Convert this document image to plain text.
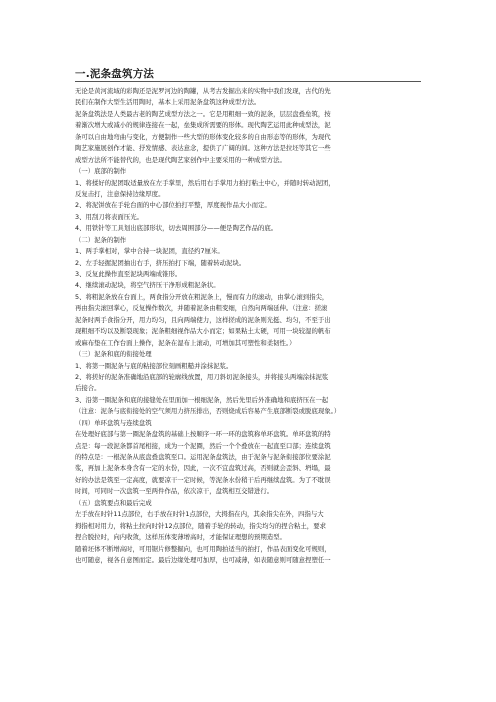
一.泥条盘筑方法
无论是黄河流域的彩陶还是泥罗河边的陶罐，从考古发掘出来的实物中我们发现，古代的先
民们在制作大型生活用陶时，基本上采用泥条盘筑这种成型方法。
泥条盘筑法是人类最古老的陶艺成型方法之一。它是用粗细一致的泥条，层层盘叠垒筑，按
着渐次增大或减小的规律连接在一起，垒集成所需要的形体。现代陶艺运用此种成型法，泥
条可以自由地弯曲与变化，方便制作一些大型的形体变化较多的自由形态等的形体，为现代
陶艺家施展创作才能、抒发情感、表达意念，提供了广阔的间。这种方法是拉坯等其它一些
成型方法所不能替代的，也是现代陶艺家创作中主要采用的一种成型方法。
（一）底部的制作
1、将揉好的泥团取适量放在左手掌里，然后用右手掌用力拍打粘土中心，并随时转动泥团，
反复击打，注意保持边缘厚度。
2、将泥饼放在手轮台面的中心部位拍打平整，厚度视作品大小而定。
3、用刮刀将表面压光。
4、用铁针等工具划出底部形状，切去周围部分——便是陶艺作品的底。
（二）泥条的制作
1、两手掌相对，掌中合持一块泥团，直径约7厘米。
2、左手轻握泥团抽出右手，挤压拍打下端，随着转动泥块。
3、反复此操作直至泥块两端成锥形。
4、继续滚动泥块，将空气挤压干净形成粗泥条状。
5、将粗泥条放在台面上，两食指分开放在粗泥条上，慢而有力的滚动，由掌心滚到指尖，
再由指尖滚回掌心，反复操作数次，并随着泥条由粗变细，自然向两端延伸。（注意：搓滚
泥条时两手食指分开，用力均匀，且向两端使力，这样搓成的泥条则光挺、均匀，不至于出
现粗细不均以及断裂现象；泥条粗细视作品大小而定；如果粘土太硬，可用一块较湿的帆布
或麻布垫在工作台面上操作，泥条在湿布上滚动，可增加其可塑性和柔韧性。）
（三）泥条和底的衔接处理
1、将第一圈泥条与底的粘接部位刻画粗糙并涂抹泥浆。
2、将搓好的泥条准确地沿底部的轮廓线放置，用刀斜切泥条接头，并将接头两端涂抹泥浆
后接合。
3、沿第一圈泥条和底的接缝处在里面加一根细泥条，然后先里后外准确地和底挤压在一起
（注意：泥条与底衔接处的空气须用力挤压排出，否则烧成后容易产生底部断裂或脱底现象。）
（四）单环盘筑与连续盘筑
在处理好底部与第一圈泥条盘筑的基础上按顺序一环一环的盘筑称单环盘筑。单环盘筑的特
点是：每一段泥条都首尾相接，成为一个泥圈，然后一个个叠放在一起直至口部；连续盘筑
的特点是：一根泥条从底盘叠盘筑至口。运用泥条盘筑法，由于泥条与泥条衔接部位要涂泥
浆，再加上泥条本身含有一定的水份，因此，一次不宜盘筑过高，否则就会歪斜、坍塌，最
好的办法是筑至一定高度，就要凉干一定时候，等泥条水份稍干后再继续盘筑。为了不耽误
时间，可同时一次盘筑一至两件作品，依次凉干，盘筑相互交错进行。
（五）盘筑要点和最后完成
左手放在时针11点部位，右手放在时针1点部位，大拇指在内，其余指尖在外，四指与大
拇指相对用力，将粘土拉向时针12点部位，随着手轮的转动，指尖均匀的捏合粘土，要求
捏合脱拉时，向内收敛，这样压体变薄增高时，才能保证理想的预期造型。
随着坯体不断增高时，可用锯片修整掘向，也可用陶拍适当的拍打，作品表面变化可规则，
也可随意，视各自意图而定。最后边缘处理可加厚，也可减薄，如表随意则可随意捏塑任一
